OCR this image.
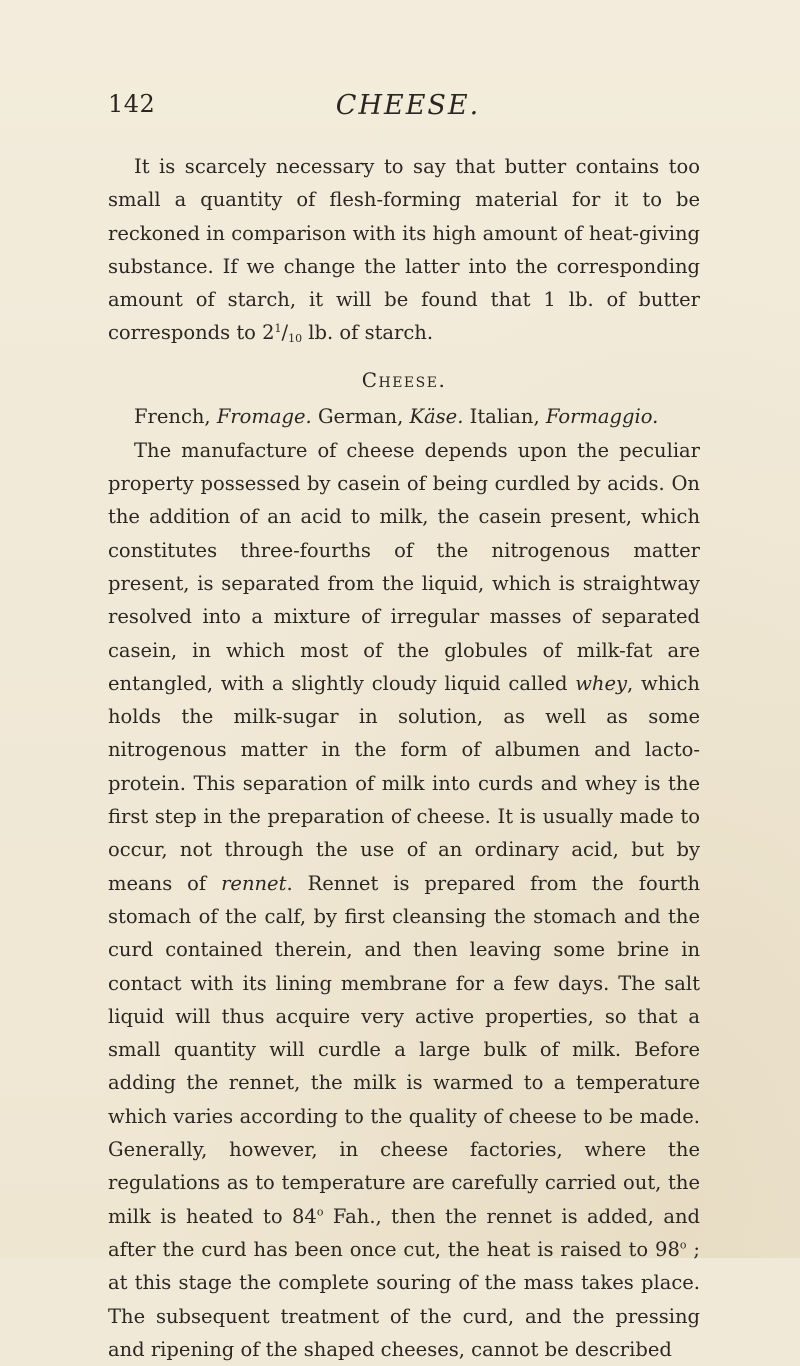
142	CHEESE.

It is scarcely necessary to say that butter contains too small a quantity of flesh-forming material for it to be reckoned in comparison with its high amount of heat-giving substance. If we change the latter into the corresponding amount of starch, it will be found that 1 lb. of butter corresponds to $2^1/10$ lb. of starch.

Cheese.

French, Fromage. German, Käse. Italian, Formaggio.

The manufacture of cheese depends upon the peculiar property possessed by casein of being curdled by acids. On the addition of an acid to milk, the casein present, which constitutes three-fourths of the nitrogenous matter present, is separated from the liquid, which is straightway resolved into a mixture of irregular masses of separated casein, in which most of the globules of milk-fat are entangled, with a slightly cloudy liquid called whey, which holds the milk-sugar in solution, as well as some nitrogenous matter in the form of albumen and lacto-protein. This separation of milk into curds and whey is the first step in the preparation of cheese. It is usually made to occur, not through the use of an ordinary acid, but by means of rennet. Rennet is prepared from the fourth stomach of the calf, by first cleansing the stomach and the curd contained therein, and then leaving some brine in contact with its lining membrane for a few days. The salt liquid will thus acquire very active properties, so that a small quantity will curdle a large bulk of milk. Before adding the rennet, the milk is warmed to a temperature which varies according to the quality of cheese to be made. Generally, however, in cheese factories, where the regulations as to temperature are carefully carried out, the milk is heated to 84$^o$ Fah., then the rennet is added, and after the curd has been once cut, the heat is raised to 98$^o$ ; at this stage the complete souring of the mass takes place. The subsequent treatment of the curd, and the pressing and ripening of the shaped cheeses, cannot be described
